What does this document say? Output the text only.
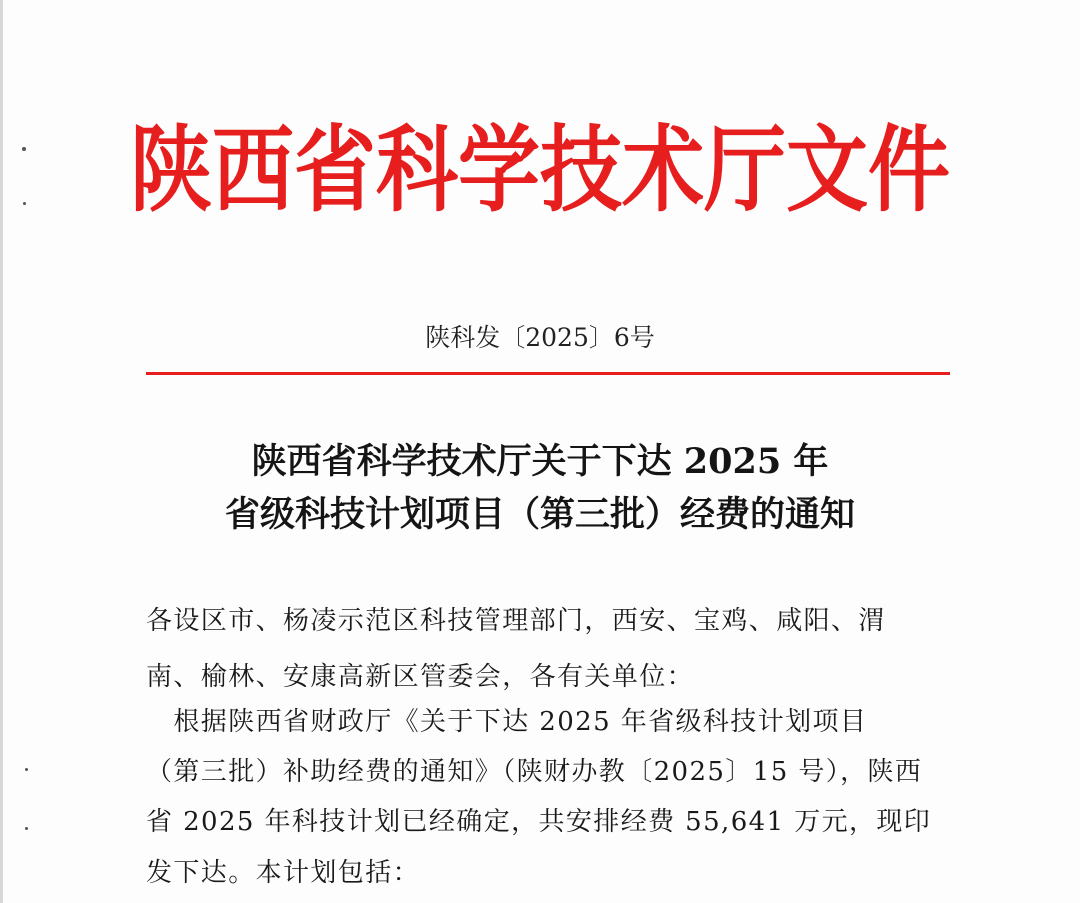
陕西省科学技术厅文件
陕科发〔2025〕6号
陕西省科学技术厅关于下达 2025 年
省级科技计划项目（第三批）经费的通知
各设区市、杨凌示范区科技管理部门，西安、宝鸡、咸阳、渭
南、榆林、安康高新区管委会，各有关单位：
　根据陕西省财政厅《关于下达 2025 年省级科技计划项目
（第三批）补助经费的通知》（陕财办教〔2025〕15 号），陕西
省 2025 年科技计划已经确定，共安排经费 55,641 万元，现印
发下达。本计划包括：
